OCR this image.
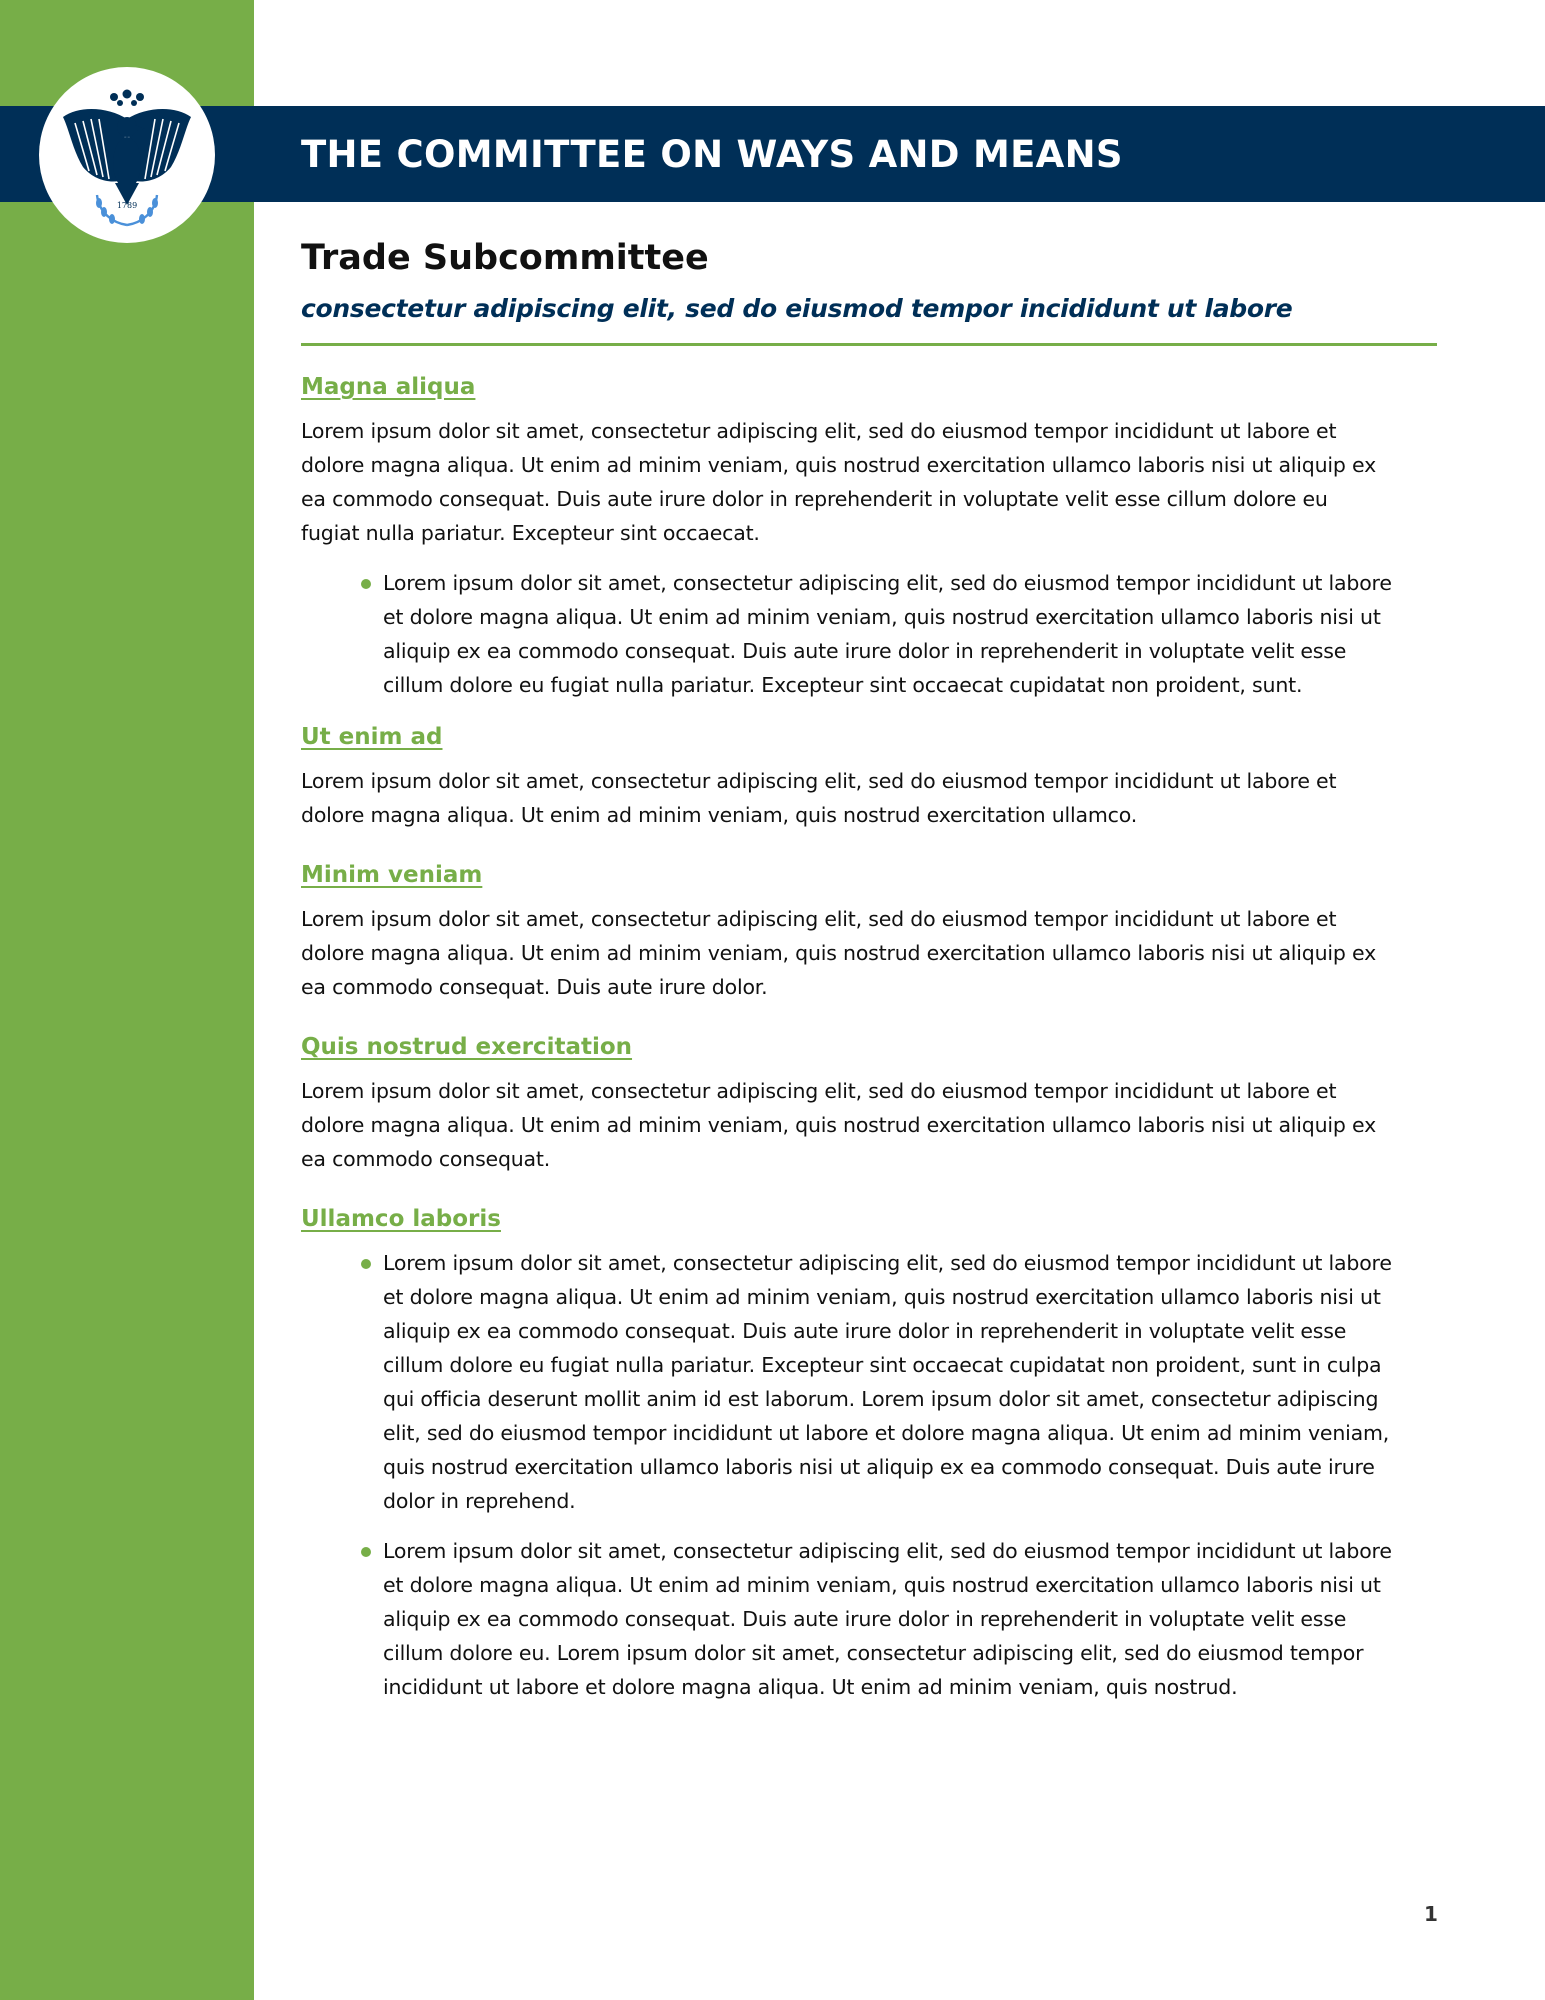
THE COMMITTEE ON WAYS AND MEANS
1789
Trade Subcommittee
consectetur adipiscing elit, sed do eiusmod tempor incididunt ut labore
Magna aliqua

Lorem ipsum dolor sit amet, consectetur adipiscing elit, sed do eiusmod tempor incididunt ut labore et dolore magna aliqua. Ut enim ad minim veniam, quis nostrud exercitation ullamco laboris nisi ut aliquip ex ea commodo consequat. Duis aute irure dolor in reprehenderit in voluptate velit esse cillum dolore eu fugiat nulla pariatur. Excepteur sint occaecat.

Lorem ipsum dolor sit amet, consectetur adipiscing elit, sed do eiusmod tempor incididunt ut labore et dolore magna aliqua. Ut enim ad minim veniam, quis nostrud exercitation ullamco laboris nisi ut aliquip ex ea commodo consequat. Duis aute irure dolor in reprehenderit in voluptate velit esse cillum dolore eu fugiat nulla pariatur. Excepteur sint occaecat cupidatat non proident, sunt.
Ut enim ad

Lorem ipsum dolor sit amet, consectetur adipiscing elit, sed do eiusmod tempor incididunt ut labore et dolore magna aliqua. Ut enim ad minim veniam, quis nostrud exercitation ullamco.

Minim veniam

Lorem ipsum dolor sit amet, consectetur adipiscing elit, sed do eiusmod tempor incididunt ut labore et dolore magna aliqua. Ut enim ad minim veniam, quis nostrud exercitation ullamco laboris nisi ut aliquip ex ea commodo consequat. Duis aute irure dolor.

Quis nostrud exercitation

Lorem ipsum dolor sit amet, consectetur adipiscing elit, sed do eiusmod tempor incididunt ut labore et dolore magna aliqua. Ut enim ad minim veniam, quis nostrud exercitation ullamco laboris nisi ut aliquip ex ea commodo consequat.

Ullamco laboris
Lorem ipsum dolor sit amet, consectetur adipiscing elit, sed do eiusmod tempor incididunt ut labore et dolore magna aliqua. Ut enim ad minim veniam, quis nostrud exercitation ullamco laboris nisi ut aliquip ex ea commodo consequat. Duis aute irure dolor in reprehenderit in voluptate velit esse cillum dolore eu fugiat nulla pariatur. Excepteur sint occaecat cupidatat non proident, sunt in culpa qui officia deserunt mollit anim id est laborum. Lorem ipsum dolor sit amet, consectetur adipiscing elit, sed do eiusmod tempor incididunt ut labore et dolore magna aliqua. Ut enim ad minim veniam, quis nostrud exercitation ullamco laboris nisi ut aliquip ex ea commodo consequat. Duis aute irure dolor in reprehend.
Lorem ipsum dolor sit amet, consectetur adipiscing elit, sed do eiusmod tempor incididunt ut labore et dolore magna aliqua. Ut enim ad minim veniam, quis nostrud exercitation ullamco laboris nisi ut aliquip ex ea commodo consequat. Duis aute irure dolor in reprehenderit in voluptate velit esse cillum dolore eu. Lorem ipsum dolor sit amet, consectetur adipiscing elit, sed do eiusmod tempor incididunt ut labore et dolore magna aliqua. Ut enim ad minim veniam, quis nostrud.
1
